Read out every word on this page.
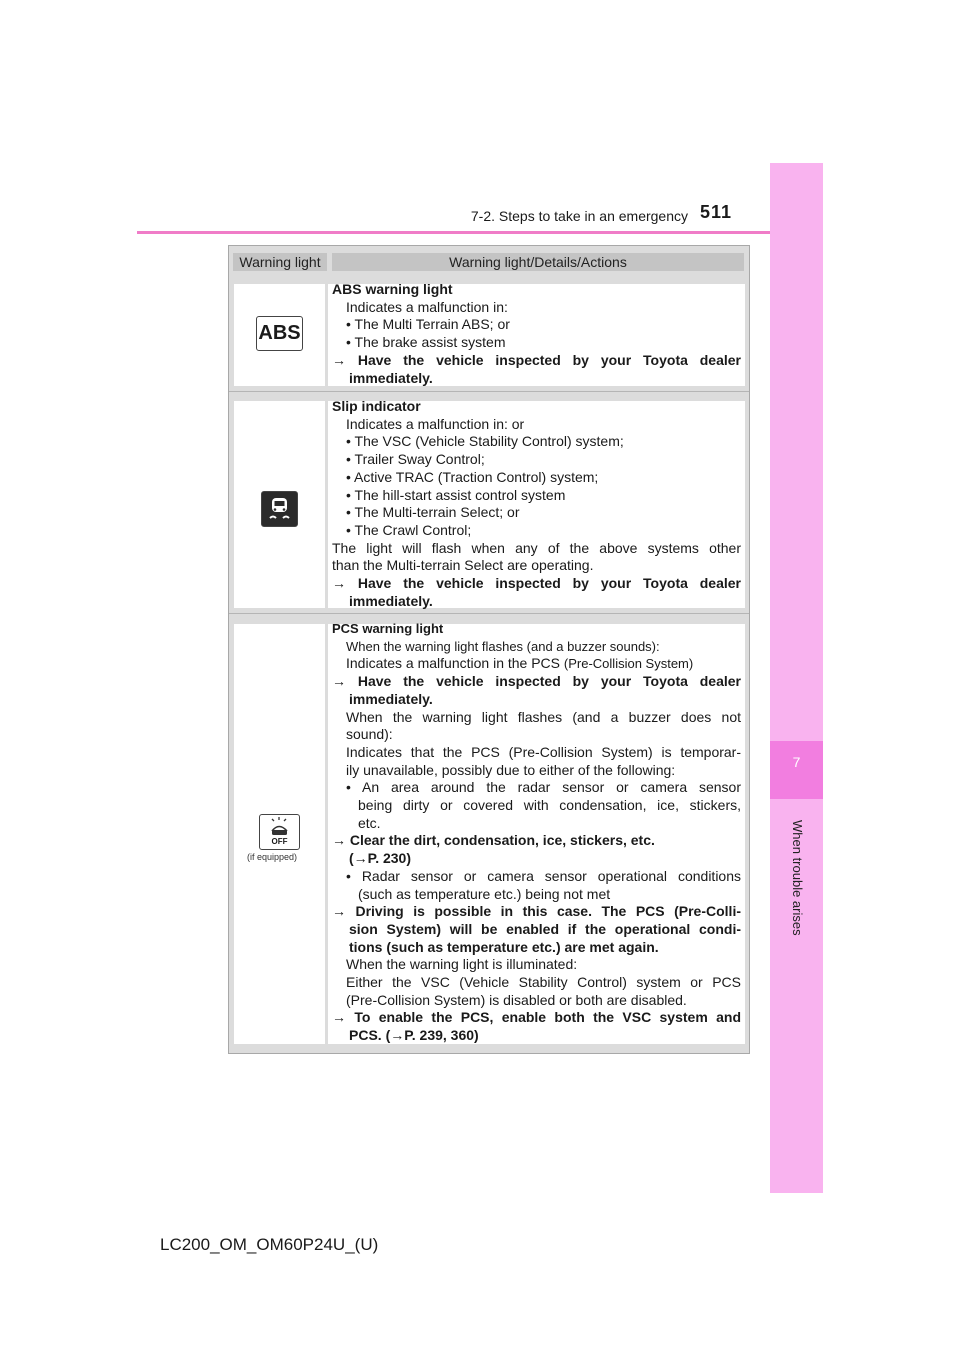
7-2. Steps to take in an emergency 511
7
When trouble arises
Warning light	Warning light/Details/Actions
ABS

ABS warning light

Indicates a malfunction in:

• The Multi Terrain ABS; or

• The brake assist system

→ Have the vehicle inspected by your Toyota dealer

immediately.

Slip indicator

Indicates a malfunction in: or

• The VSC (Vehicle Stability Control) system;

• Trailer Sway Control;

• Active TRAC (Traction Control) system;

• The hill-start assist control system

• The Multi-terrain Select; or

• The Crawl Control;

The light will flash when any of the above systems other

than the Multi-terrain Select are operating.

→ Have the vehicle inspected by your Toyota dealer

immediately.

OFF
(if equipped)

PCS warning light

When the warning light flashes (and a buzzer sounds):

Indicates a malfunction in the PCS (Pre-Collision System)

→ Have the vehicle inspected by your Toyota dealer

immediately.

When the warning light flashes (and a buzzer does not

sound):

Indicates that the PCS (Pre-Collision System) is temporar-

ily unavailable, possibly due to either of the following:

• An area around the radar sensor or camera sensor

being dirty or covered with condensation, ice, stickers,

etc.

→ Clear the dirt, condensation, ice, stickers, etc.

(→P. 230)

• Radar sensor or camera sensor operational conditions

(such as temperature etc.) being not met

→ Driving is possible in this case. The PCS (Pre-Colli-

sion System) will be enabled if the operational condi-

tions (such as temperature etc.) are met again.

When the warning light is illuminated:

Either the VSC (Vehicle Stability Control) system or PCS

(Pre-Collision System) is disabled or both are disabled.

→ To enable the PCS, enable both the VSC system and

PCS. (→P. 239, 360)

LC200_OM_OM60P24U_(U)
